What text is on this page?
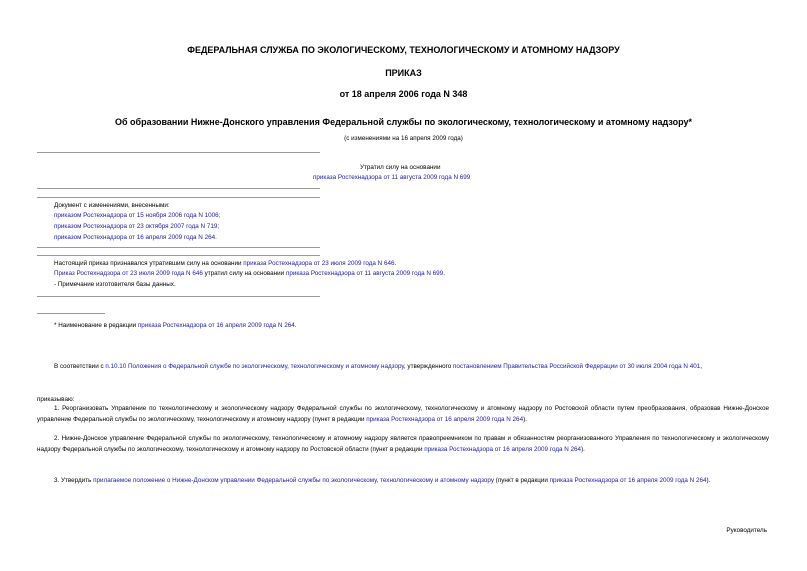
ФЕДЕРАЛЬНАЯ СЛУЖБА ПО ЭКОЛОГИЧЕСКОМУ, ТЕХНОЛОГИЧЕСКОМУ И АТОМНОМУ НАДЗОРУ
ПРИКАЗ
от 18 апреля 2006 года N 348
Об образовании Нижне-Донского управления Федеральной службы по экологическому, технологическому и атомному надзору*
(с изменениями на 16 апреля 2009 года)
Утратил силу на основании
приказа Ростехнадзора от 11 августа 2009 года N 699
Документ с изменениями, внесенными:
приказом Ростехнадзора от 15 ноября 2006 года N 1006;
приказом Ростехнадзора от 23 октября 2007 года N 719;
приказом Ростехнадзора от 16 апреля 2009 года N 264.
Настоящий приказ признавался утратившим силу на основании приказа Ростехнадзора от 23 июля 2009 года N 646.
Приказ Ростехнадзора от 23 июля 2009 года N 646 утратил силу на основании приказа Ростехнадзора от 11 августа 2009 года N 699.
- Примечание изготовителя базы данных.
* Наименование в редакции приказа Ростехнадзора от 16 апреля 2009 года N 264.
В соответствии с п.10.10 Положения о Федеральной службе по экологическому, технологическому и атомному надзору, утвержденного постановлением Правительства Российской Федерации от 30 июля 2004 года N 401,
приказываю:
1. Реорганизовать Управление по технологическому и экологическому надзору Федеральной службы по экологическому, технологическому и атомному надзору по Ростовской области путем преобразования, образовав Нижне-Донское управление Федеральной службы по экологическому, технологическому и атомному надзору (пункт в редакции приказа Ростехнадзора от 16 апреля 2009 года N 264).
2. Нижне-Донское управление Федеральной службы по экологическому, технологическому и атомному надзору является правопреемником по правам и обязанностям реорганизованного Управления по технологическому и экологическому надзору Федеральной службы по экологическому, технологическому и атомному надзору по Ростовской области (пункт в редакции приказа Ростехнадзора от 16 апреля 2009 года N 264).
3. Утвердить прилагаемое положение о Нижне-Донском управлении Федеральной службы по экологическому, технологическому и атомному надзору (пункт в редакции приказа Ростехнадзора от 16 апреля 2009 года N 264).
Руководитель
